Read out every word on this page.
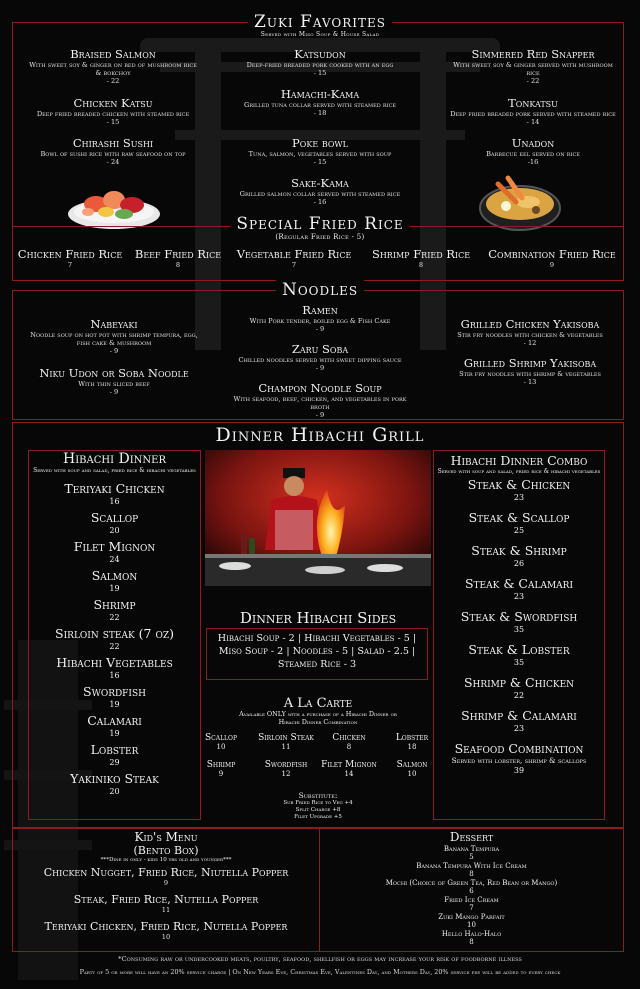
Zuki Favorites
Served with Miso Soup & House Salad
Braised Salmon
With sweet soy & ginger on bed of mushroom rice & bokchoy
- 22
Katsudon
Deep-fried breaded pork cooked with an egg
- 15
Simmered Red Snapper
With sweet soy & ginger served with mushroom rice
- 22
Chicken Katsu
Deep fried breaded chicken with steamed rice
- 15
Hamachi-Kama
Grilled tuna collar served with steamed rice
- 18
Tonkatsu
Deep fried breaded pork served with steamed rice
- 14
Chirashi Sushi
Bowl of sushi rice with raw seafood on top
- 24
Poke bowl
Tuna, salmon, vegetables served with soup
- 15
Unadon
Barbecue eel served on rice
-16
Sake-Kama
Grilled salmon collar served with steamed rice
- 16
Special Fried Rice
(Regular Fried Rice - 5)
Chicken Fried Rice
7
Beef Fried Rice
8
Vegetable Fried Rice
7
Shrimp Fried Rice
8
Combination Fried Rice
9
Noodles
Ramen
With Pork tender, boiled egg & Fish Cake
- 9
Nabeyaki
Noodle soup on hot pot with shrimp tempura, egg, fish cake & mushroom
- 9
Grilled Chicken Yakisoba
Stir fry noodles with chicken & vegetables
- 12
Zaru Soba
Chilled noodles served with sweet dipping sauce
- 9
Niku Udon or Soba Noodle
With thin sliced beef
- 9
Grilled Shrimp Yakisoba
Stir fry noodles with shrimp & vegetables
- 13
Champon Noodle Soup
With seafood, beef, chicken, and vegetables in pork broth
- 9
Dinner Hibachi Grill
Hibachi Dinner
Served with soup and salad, fried rice & hibachi vegetables
Teriyaki Chicken
16
Scallop
20
Filet Mignon
24
Salmon
19
Shrimp
22
Sirloin steak (7 oz)
22
Hibachi Vegetables
16
Swordfish
19
Calamari
19
Lobster
29
Yakiniko Steak
20
Dinner Hibachi Sides
Hibachi Soup - 2 | Hibachi Vegetables - 5 |
Miso Soup - 2 | Noodles - 5 | Salad - 2.5 |
Steamed Rice - 3
A La Carte
Available ONLY with a purchase of a Hibachi Dinner or Hibachi Dinner Combination
Scallop
10
Sirloin Steak
11
Chicken
8
Lobster
18
Shrimp
9
Swordfish
12
Filet Mignon
14
Salmon
10
Substitute:
Sub Fried Rice to Veg +4
Split Charge +8
Filet Upgrade +5
Hibachi Dinner Combo
Served with soup and salad, fried rice & hibachi vegetables
Steak & Chicken
23
Steak & Scallop
25
Steak & Shrimp
26
Steak & Calamari
23
Steak & Swordfish
35
Steak & Lobster
35
Shrimp & Chicken
22
Shrimp & Calamari
23
Seafood Combination
Served with lobster, shrimp & scallops
39
Kid's Menu
(Bento Box)
***Dine in only - kids 10 yrs old and younger***
Chicken Nugget, Fried Rice, Niutella Popper
9
Steak, Fried Rice, Nutella Popper
11
Teriyaki Chicken, Fried Rice, Nutella Popper
10
Dessert
Banana Tempura
5
Banana Tempura With Ice Cream
8
Mochi (Choice of Green Tea, Red Bean or Mango)
6
Fried Ice Cream
7
Zuki Mango Parfait
10
Hello Halo-Halo
8
*Consuming raw or undercooked meats, poultry, seafood, shellfish or eggs may increase your risk of foodborne illness
Party of 5 or more will have an 20% service charge | On New Years Eve, Christmas Eve, Valentines Day, and Mothers Day, 20% service fee will be added to every check
